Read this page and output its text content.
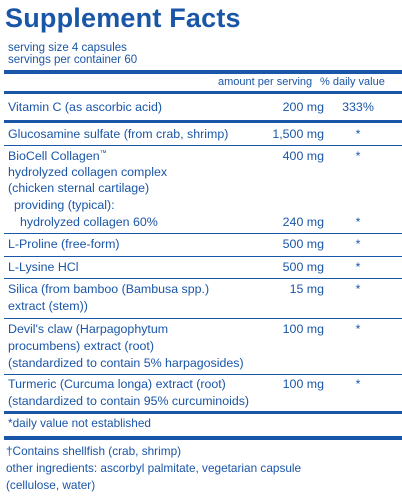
Supplement Facts
serving size 4 capsules
servings per container 60
amount per serving % daily value
Vitamin C (as ascorbic acid)	200 mg	333%
Glucosamine sulfate (from crab, shrimp)	1,500 mg	*
BioCell Collagen™	400 mg	*
hydrolyzed collagen complex
(chicken sternal cartilage)
providing (typical):
hydrolyzed collagen 60%	240 mg	*
L-Proline (free-form)	500 mg	*
L-Lysine HCl	500 mg	*
Silica (from bamboo (Bambusa spp.)	15 mg	*
extract (stem))
Devil's claw (Harpagophytum	100 mg	*
procumbens) extract (root)
(standardized to contain 5% harpagosides)
Turmeric (Curcuma longa) extract (root)	100 mg	*
(standardized to contain 95% curcuminoids)
*daily value not established
†Contains shellfish (crab, shrimp)
other ingredients: ascorbyl palmitate, vegetarian capsule
(cellulose, water)
